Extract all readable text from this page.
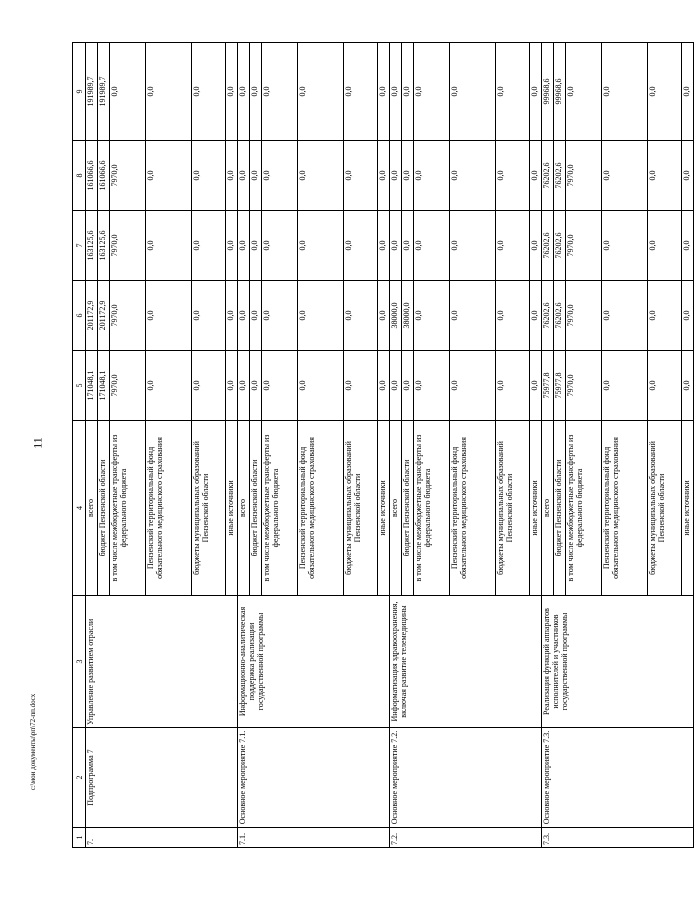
11
1	2	3	4	5	6	7	8	9
7.	Подпрограмма 7	Управление развитием отрасли	всего	171048,1	201172,9	163125,6	161066,6	191989,7
			бюджет Пензенской области	171048,1	201172,9	163125,6	161066,6	191989,7
			в том числе межбюджетные трансферты из федерального бюджета	7970,0	7970,0	7970,0	7970,0	0,0
			Пензенский территориальный фонд обязательного медицинского страхования	0,0	0,0	0,0	0,0	0,0
			бюджеты муниципальных образований Пензенской области	0,0	0,0	0,0	0,0	0,0
			иные источники	0,0	0,0	0,0	0,0	0,0
7.1.	Основное мероприятие 7.1.	Информационно-аналитическая поддержка реализации государственной программы	всего	0,0	0,0	0,0	0,0	0,0
			бюджет Пензенской области	0,0	0,0	0,0	0,0	0,0
			в том числе межбюджетные трансферты из федерального бюджета	0,0	0,0	0,0	0,0	0,0
			Пензенский территориальный фонд обязательного медицинского страхования	0,0	0,0	0,0	0,0	0,0
			бюджеты муниципальных образований Пензенской области	0,0	0,0	0,0	0,0	0,0
			иные источники	0,0	0,0	0,0	0,0	0,0
7.2.	Основное мероприятие 7.2.	Информатизация здравоохранения, включая развитие телемедицины	всего	0,0	38000,0	0,0	0,0	0,0
			бюджет Пензенской области	0,0	38000,0	0,0	0,0	0,0
			в том числе межбюджетные трансферты из федерального бюджета	0,0	0,0	0,0	0,0	0,0
			Пензенский территориальный фонд обязательного медицинского страхования	0,0	0,0	0,0	0,0	0,0
			бюджеты муниципальных образований Пензенской области	0,0	0,0	0,0	0,0	0,0
			иные источники	0,0	0,0	0,0	0,0	0,0
7.3.	Основное мероприятие 7.3.	Реализация функций аппаратов исполнителей и участников государственной программы	всего	75977,8	76202,6	76202,6	76202,6	99968,6
			бюджет Пензенской области	75977,8	76202,6	76202,6	76202,6	99968,6
			в том числе межбюджетные трансферты из федерального бюджета	7970,0	7970,0	7970,0	7970,0	0,0
			Пензенский территориальный фонд обязательного медицинского страхования	0,0	0,0	0,0	0,0	0,0
			бюджеты муниципальных образований Пензенской области	0,0	0,0	0,0	0,0	0,0
			иные источники	0,0	0,0	0,0	0,0	0,0
c:\мои документы\рп\72-пп.docx
